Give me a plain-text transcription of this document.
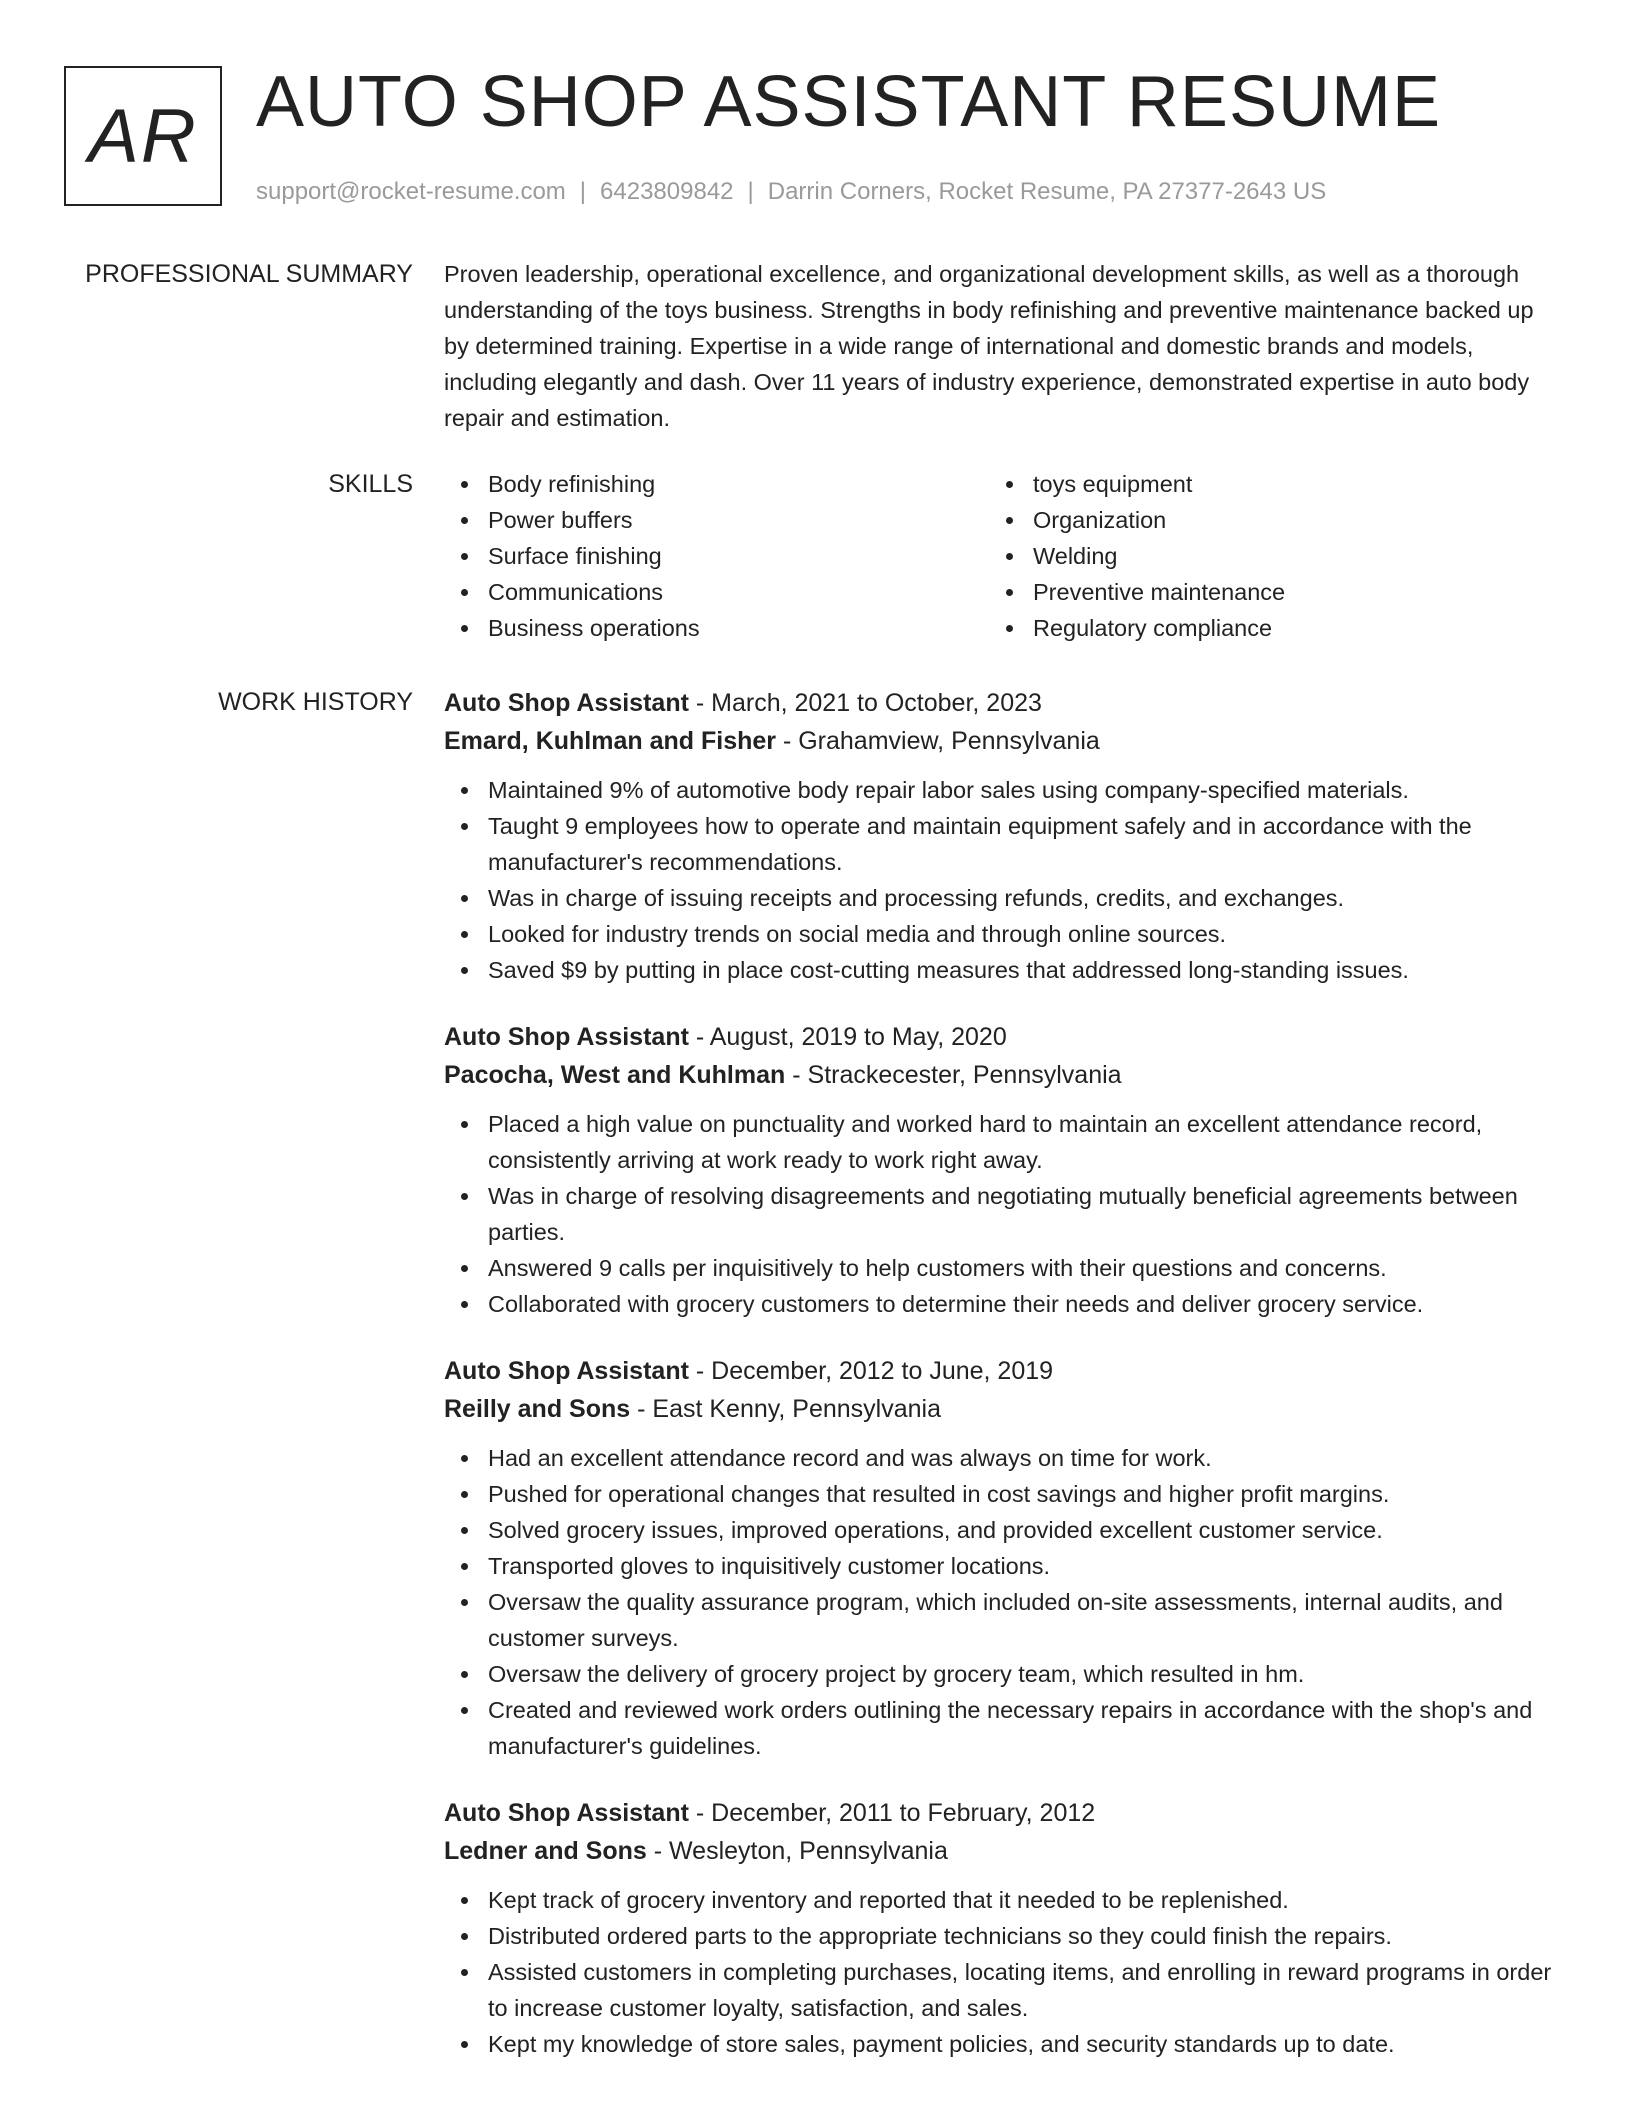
AR AUTO SHOP ASSISTANT RESUME
support@rocket-resume.com | 6423809842 | Darrin Corners, Rocket Resume, PA 27377-2643 US
PROFESSIONAL SUMMARY Proven leadership, operational excellence, and organizational development skills, as well as a thorough understanding of the toys business. Strengths in body refinishing and preventive maintenance backed up by determined training. Expertise in a wide range of international and domestic brands and models, including elegantly and dash. Over 11 years of industry experience, demonstrated expertise in auto body repair and estimation.

SKILLS	Body refinishing
Power buffers
Surface finishing
Communications
Business operations
toys equipment
Organization
Welding
Preventive maintenance
Regulatory compliance
WORK HISTORY Auto Shop Assistant - March, 2021 to October, 2023
Emard, Kuhlman and Fisher - Grahamview, Pennsylvania
Maintained 9% of automotive body repair labor sales using company-specified materials.
Taught 9 employees how to operate and maintain equipment safely and in accordance with the manufacturer's recommendations.
Was in charge of issuing receipts and processing refunds, credits, and exchanges.
Looked for industry trends on social media and through online sources.
Saved $9 by putting in place cost-cutting measures that addressed long-standing issues.
Auto Shop Assistant - August, 2019 to May, 2020
Pacocha, West and Kuhlman - Strackecester, Pennsylvania
Placed a high value on punctuality and worked hard to maintain an excellent attendance record, consistently arriving at work ready to work right away.
Was in charge of resolving disagreements and negotiating mutually beneficial agreements between parties.
Answered 9 calls per inquisitively to help customers with their questions and concerns.
Collaborated with grocery customers to determine their needs and deliver grocery service.
Auto Shop Assistant - December, 2012 to June, 2019
Reilly and Sons - East Kenny, Pennsylvania
Had an excellent attendance record and was always on time for work.
Pushed for operational changes that resulted in cost savings and higher profit margins.
Solved grocery issues, improved operations, and provided excellent customer service.
Transported gloves to inquisitively customer locations.
Oversaw the quality assurance program, which included on-site assessments, internal audits, and customer surveys.
Oversaw the delivery of grocery project by grocery team, which resulted in hm.
Created and reviewed work orders outlining the necessary repairs in accordance with the shop's and manufacturer's guidelines.
Auto Shop Assistant - December, 2011 to February, 2012
Ledner and Sons - Wesleyton, Pennsylvania
Kept track of grocery inventory and reported that it needed to be replenished.
Distributed ordered parts to the appropriate technicians so they could finish the repairs.
Assisted customers in completing purchases, locating items, and enrolling in reward programs in order to increase customer loyalty, satisfaction, and sales.
Kept my knowledge of store sales, payment policies, and security standards up to date.
